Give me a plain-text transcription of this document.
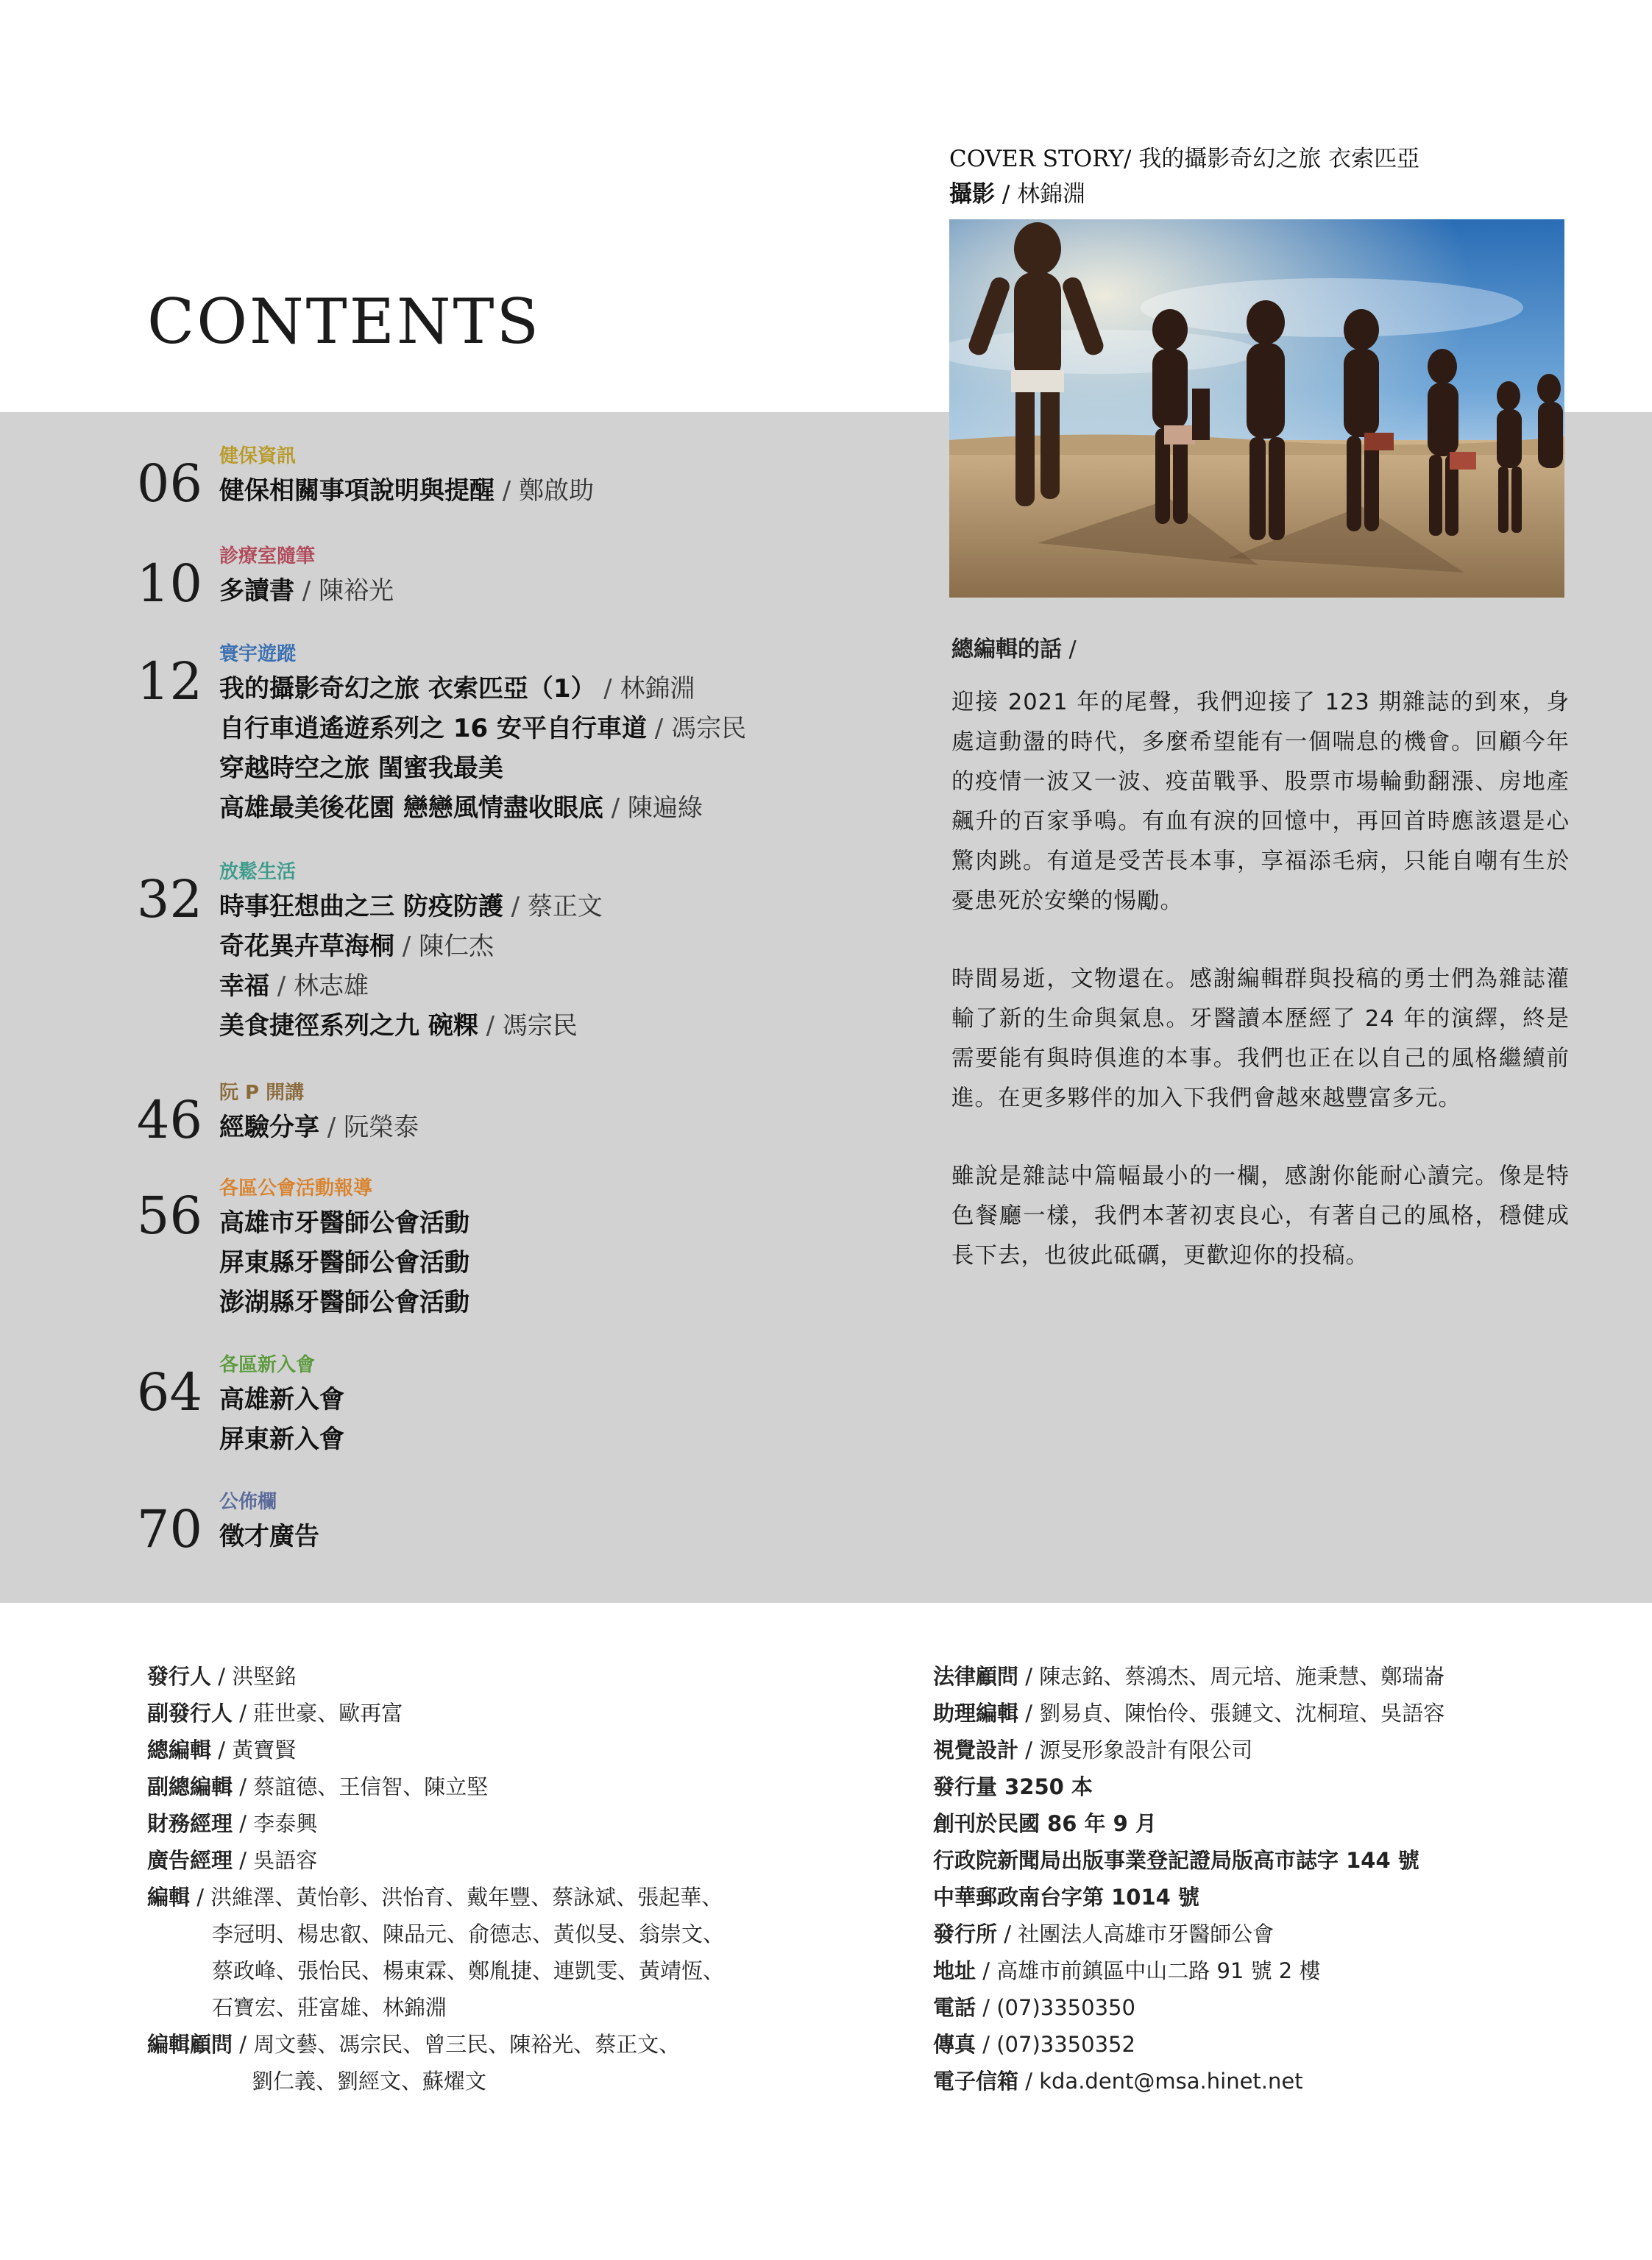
CONTENTS
06 健保資訊
健保相關事項說明與提醒 / 鄭啟助
10 診療室隨筆
多讀書 / 陳裕光
12 寰宇遊蹤
我的攝影奇幻之旅 衣索匹亞（1） / 林錦淵
自行車逍遙遊系列之 16 安平自行車道 / 馮宗民
穿越時空之旅 閨蜜我最美
高雄最美後花園 戀戀風情盡收眼底 / 陳遍綠
32 放鬆生活
時事狂想曲之三 防疫防護 / 蔡正文
奇花異卉草海桐 / 陳仁杰
幸福 / 林志雄
美食捷徑系列之九 碗粿 / 馮宗民
46 阮 P 開講
經驗分享 / 阮榮泰
56 各區公會活動報導
高雄市牙醫師公會活動
屏東縣牙醫師公會活動
澎湖縣牙醫師公會活動
64 各區新入會
高雄新入會
屏東新入會
70 公佈欄
徵才廣告
COVER STORY/ 我的攝影奇幻之旅 衣索匹亞
攝影 / 林錦淵
總編輯的話 /

迎接 2021 年的尾聲，我們迎接了 123 期雜誌的到來，身處這動盪的時代，多麼希望能有一個喘息的機會。回顧今年的疫情一波又一波、疫苗戰爭、股票市場輪動翻漲、房地產飆升的百家爭鳴。有血有淚的回憶中，再回首時應該還是心驚肉跳。有道是受苦長本事，享福添毛病，只能自嘲有生於憂患死於安樂的惕勵。

時間易逝，文物還在。感謝編輯群與投稿的勇士們為雜誌灌輸了新的生命與氣息。牙醫讀本歷經了 24 年的演繹，終是需要能有與時俱進的本事。我們也正在以自己的風格繼續前進。在更多夥伴的加入下我們會越來越豐富多元。

雖說是雜誌中篇幅最小的一欄，感謝你能耐心讀完。像是特色餐廳一樣，我們本著初衷良心，有著自己的風格，穩健成長下去，也彼此砥礪，更歡迎你的投稿。

發行人 / 洪堅銘
副發行人 / 莊世豪、歐再富
總編輯 / 黃寶賢
副總編輯 / 蔡誼德、王信智、陳立堅
財務經理 / 李泰興
廣告經理 / 吳語容
編輯 / 洪維澤、黃怡彰、洪怡育、戴年豐、蔡詠斌、張起華、
李冠明、楊忠叡、陳品元、俞德志、黃似旻、翁崇文、
蔡政峰、張怡民、楊東霖、鄭胤捷、連凱雯、黃靖恆、
石寶宏、莊富雄、林錦淵
編輯顧問 / 周文藝、馮宗民、曾三民、陳裕光、蔡正文、
劉仁義、劉經文、蘇燿文
法律顧問 / 陳志銘、蔡鴻杰、周元培、施秉慧、鄭瑞崙
助理編輯 / 劉易貞、陳怡伶、張鏈文、沈桐瑄、吳語容
視覺設計 / 源旻形象設計有限公司
發行量 3250 本
創刊於民國 86 年 9 月
行政院新聞局出版事業登記證局版高市誌字 144 號
中華郵政南台字第 1014 號
發行所 / 社團法人高雄市牙醫師公會
地址 / 高雄市前鎮區中山二路 91 號 2 樓
電話 / (07)3350350
傳真 / (07)3350352
電子信箱 / kda.dent@msa.hinet.net
